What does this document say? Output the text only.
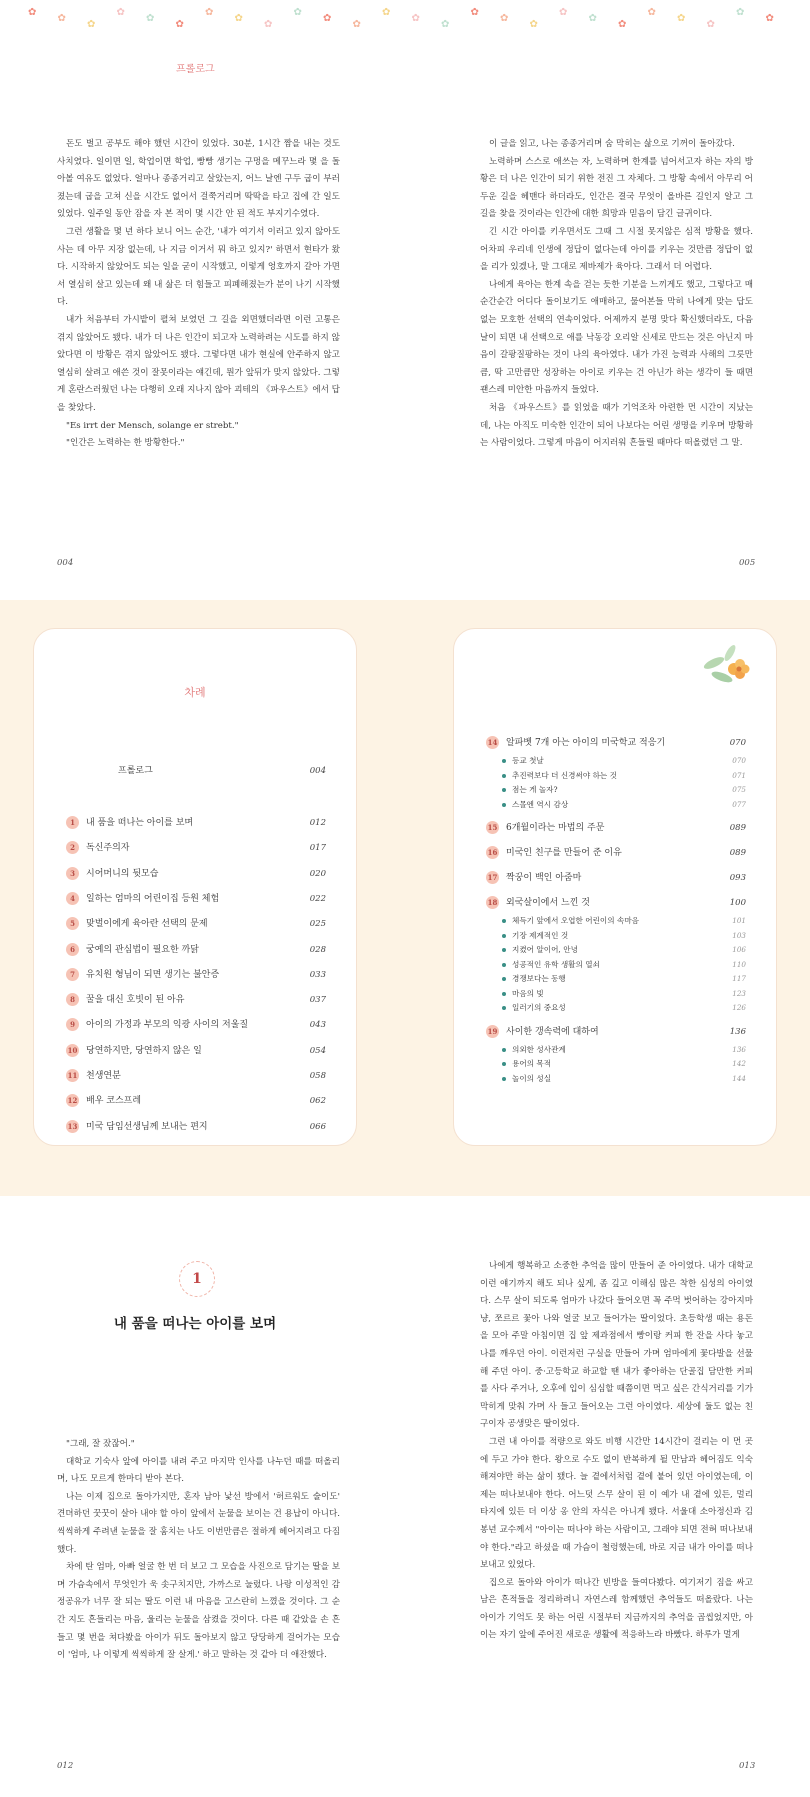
✿
✿
✿
✿
✿
✿
✿
✿
✿
✿
✿
✿
✿
✿
✿
✿
✿
✿
✿
✿
✿
✿
✿
✿
✿
✿
프롤로그

돈도 벌고 공부도 해야 했던 시간이 있었다. 30분, 1시간 짬을 내는 것도 사치였다. 일이면 일, 학업이면 학업, 빵빵 생기는 구멍을 메꾸느라 몇 을 돌아볼 여유도 없었다. 얼마나 종종거리고 살았는지, 어느 날엔 구두 굽이 부러졌는데 굽을 고쳐 신을 시간도 없어서 걸쭉거리며 딱딱을 타고 집에 간 일도 있었다. 일주일 동안 잠을 자 본 적이 몇 시간 안 된 적도 부지기수였다.

그런 생활을 몇 년 하다 보니 어느 순간, '내가 여기서 이러고 있지 않아도 사는 데 아무 지장 없는데, 나 지금 이거서 뭐 하고 있지?' 하면서 현타가 왔다. 시작하지 않았어도 되는 일을 굳이 시작했고, 이렇게 엉호까지 갈아 가면서 열심히 살고 있는데 왜 내 삶은 더 힘들고 피폐해졌는가 분이 나기 시작했다.

내가 처음부터 가시밭이 펼쳐 보였던 그 길을 외면했더라면 이런 고통은 겪지 않았어도 됐다. 내가 더 나은 인간이 되고자 노력하려는 시도를 하지 않았다면 이 방황은 겪지 않았어도 됐다. 그렇다면 내가 현실에 안주하지 않고 열심히 살려고 애쓴 것이 잘못이라는 얘긴데, 뭔가 앞뒤가 맞지 않았다. 그렇게 혼란스러웠던 나는 다행히 오래 지나지 않아 괴테의 《파우스트》에서 답을 찾았다.

"Es irrt der Mensch, solange er strebt."

"인간은 노력하는 한 방황한다."

이 글을 읽고, 나는 종종거리며 숨 막히는 삶으로 기꺼이 돌아갔다.

노력하며 스스로 애쓰는 자, 노력하며 한계를 넘어서고자 하는 자의 방황은 더 나은 인간이 되기 위한 전진 그 자체다. 그 방황 속에서 아무리 어두운 길을 헤맨다 하더라도, 인간은 결국 무엇이 올바른 길인지 알고 그 길을 찾을 것이라는 인간에 대한 희망과 믿음이 담긴 글귀이다.

긴 시간 아이를 키우면서도 그때 그 시절 못지않은 심적 방황을 했다. 어차피 우리네 인생에 정답이 없다는데 아이를 키우는 것만큼 정답이 없을 리가 있겠나, 말 그대로 제바제가 육아다. 그래서 더 어렵다.

나에게 육아는 한계 속을 걷는 듯한 기분을 느끼게도 했고, 그렇다고 매 순간순간 어디다 돌이보기도 애매하고, 물어본들 막히 나에게 맞는 답도 없는 모호한 선택의 연속이었다. 어제까지 분명 맞다 확신했더라도, 다음날이 되면 내 선택으로 애를 낙동강 오리알 신세로 만드는 것은 아닌지 마음이 갈팡질팡하는 것이 나의 육아였다. 내가 가진 능력과 사해의 그릇만큼, 딱 고만큼만 성장하는 아이로 키우는 건 아닌가 하는 생각이 들 때면 괜스레 미안한 마음까지 들었다.

처음 《파우스트》를 읽었을 때가 기억조차 아련한 먼 시간이 지났는데, 나는 아직도 미숙한 인간이 되어 나보다는 어린 생명을 키우며 방황하는 사람이었다. 그렇게 마음이 어지러워 흔들릴 때마다 떠올렸던 그 말.

004	005
차례
프롤로그	004
1	내 품을 떠나는 아이를 보며	012
2	독신주의자	017
3	시어머니의 뒷모습	020
4	일하는 엄마의 어린이집 등원 체험	022
5	맞벌이에게 육아란 선택의 문제	025
6	궁예의 관심법이 필요한 까닭	028
7	유치원 형님이 되면 생기는 불안증	033
8	꿀을 대신 호빗이 된 아유	037
9	아이의 가정과 부모의 익광 사이의 저울질	043
10 당연하지만, 당연하지 않은 일	054
11 천생연분	058
12 배우 코스프레	062
13 미국 담임선생님께 보내는 편지	066
14 알파벳 7개 아는 아이의 미국학교 적응기	070
등교 첫날	070
추진력보다 더 신경써야 하는 것	071
점는 게 놀자?	075
스몰엔 역시 감상	077
15 6개월이라는 마법의 주문	089
16 미국인 친구를 만들어 준 이유	089
17 짝꿍이 백인 아줌마	093
18 외국살이에서 느낀 것	100
체득기 앞에서 오엽한 어린이의 속마음	101
기장 제계적인 것	103
지켰어 알이어, 안녕	106
성공적인 유학 생활의 열쇠	110
경쟁보다는 동행	117
마음의 빛	123
일러기의 중요성	126
19 사이한 갱속력에 대하여	136
의외한 성사관계	136
용어의 목적	142
놀이의 성실	144
1
내 품을 떠나는 아이를 보며

"그래, 잘 잤잖어."

대학교 기숙사 앞에 아이를 내려 주고 마지막 인사를 나누던 때를 떠올리며, 나도 모르게 한마디 받아 본다.

나는 이제 집으로 돌아가지만, 혼자 남아 낯선 방에서 '허르워도 술이도' 견뎌하던 꿋꿋이 살아 내야 할 아이 앞에서 눈물을 보이는 건 용납이 아니다. 씩씩하게 주려낸 눈물을 잘 훔치는 나도 이번만큼은 절하게 헤어지려고 다짐했다.

차에 탄 엄마, 아빠 얼굴 한 번 더 보고 그 모습을 사진으로 담기는 딸을 보며 가슴속에서 무엇인가 욱 솟구치지만, 가까스로 눌렀다. 나랑 이성적인 감정공유가 너무 잘 되는 딸도 이런 내 마음을 고스란히 느꼈을 것이다. 그 순간 지도 흔들리는 마음, 울리는 눈물을 삼켰을 것이다. 다른 때 같았을 손 흔들고 몇 번을 쳐다봤을 아이가 뒤도 돌아보지 않고 당당하게 걸어가는 모습이 '엄마, 나 이렇게 씩씩하게 잘 살게.' 하고 말하는 것 같아 더 애잔했다.

나에게 행복하고 소중한 추억을 많이 만들어 준 아이였다. 내가 대학교 이런 얘기까지 해도 되나 싶게, 좀 깊고 이해심 많은 착한 심성의 아이였다. 스무 살이 되도록 엄마가 나갔다 들어오면 꼭 주먹 벗어하는 강아지마냥, 쪼르르 꽃아 나와 얼굴 보고 들어가는 딸이었다. 초등학생 때는 용돈을 모아 주말 아침이면 집 앞 제과점에서 빵이랑 커피 한 잔을 사다 놓고 나를 깨우던 아이. 이런저런 구실을 만들어 가며 엄마에게 꽃다발을 선물해 주던 아이. 중·고등학교 하교할 땐 내가 좋아하는 단골집 담만한 커피를 사다 주거나, 오후에 입이 심심할 때쯤이면 먹고 싶은 간식거리를 기가 막히게 맞춰 가며 사 들고 들어오는 그런 아이였다. 세상에 둘도 없는 친구이자 공생맞은 딸이었다.

그런 내 아이를 적량으로 와도 비행 시간만 14시간이 걸리는 이 먼 곳에 두고 가야 한다. 왕으로 수도 없이 반복하게 될 만남과 헤어짐도 익숙해져야만 하는 삶이 됐다. 늘 곁에서처럼 곁에 붙어 있던 아이였는데, 이제는 떠나보내야 한다. 어느덧 스무 살이 된 이 예가 내 곁에 있든, 멀리 타지에 있든 더 이상 옹 안의 자식은 아니게 됐다. 서울대 소아정신과 김봉년 교수께서 "아이는 떠나야 하는 사람이고, 그래야 되면 전혀 떠나보내야 한다."라고 하셨을 때 가슴이 철렁했는데, 바로 지금 내가 아이를 떠나보내고 있었다.

집으로 돌아와 아이가 떠나간 빈방을 들여다봤다. 여기저기 짐을 싸고 남은 흔적들을 정리하려니 자연스레 함께했던 추억들도 떠올랐다. 나는 아이가 기억도 못 하는 어린 시절부터 지금까지의 추억을 곱씹었지만, 아이는 자기 앞에 주어진 새로운 생활에 적응하느라 바빴다. 하루가 멀게

012	013
